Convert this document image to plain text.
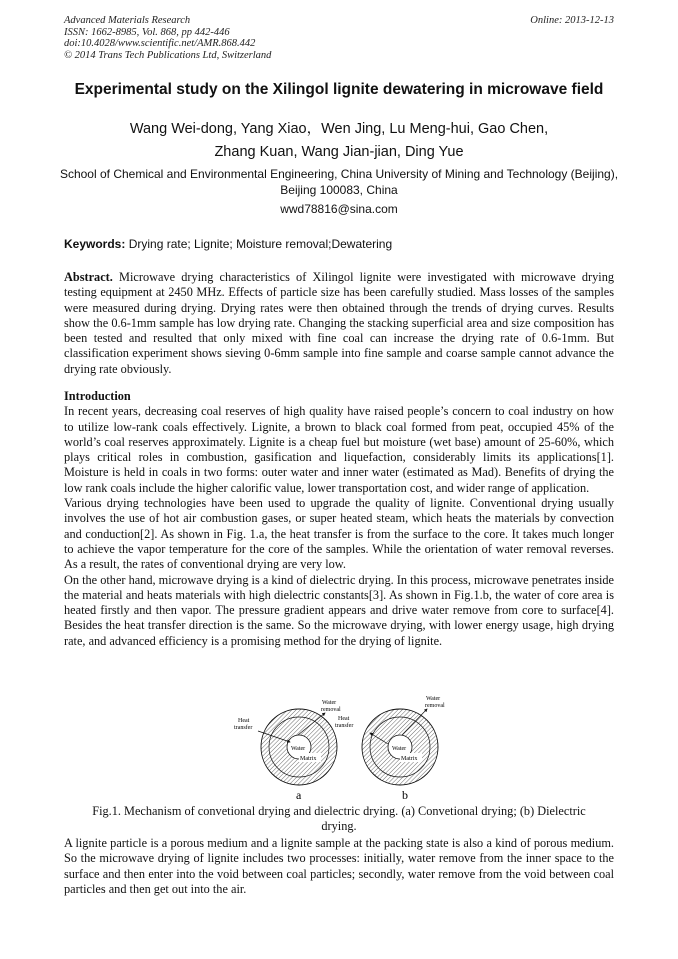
Advanced Materials Research
ISSN: 1662-8985, Vol. 868, pp 442-446
doi:10.4028/www.scientific.net/AMR.868.442
© 2014 Trans Tech Publications Ltd, Switzerland
Online: 2013-12-13
Experimental study on the Xilingol lignite dewatering in microwave field
Wang Wei-dong, Yang Xiao，Wen Jing, Lu Meng-hui, Gao Chen,
Zhang Kuan, Wang Jian-jian, Ding Yue
School of Chemical and Environmental Engineering, China University of Mining and Technology (Beijing), Beijing 100083, China
wwd78816@sina.com
Keywords: Drying rate; Lignite; Moisture removal;Dewatering
Abstract. Microwave drying characteristics of Xilingol lignite were investigated with microwave drying testing equipment at 2450 MHz. Effects of particle size has been carefully studied. Mass losses of the samples were measured during drying. Drying rates were then obtained through the trends of drying curves. Results show the 0.6-1mm sample has low drying rate. Changing the stacking superficial area and size composition has been tested and resulted that only mixed with fine coal can increase the drying rate of 0.6-1mm. But classification experiment shows sieving 0-6mm sample into fine sample and coarse sample cannot advance the drying rate obviously.
Introduction

In recent years, decreasing coal reserves of high quality have raised people’s concern to coal industry on how to utilize low-rank coals effectively. Lignite, a brown to black coal formed from peat, occupied 45% of the world’s coal reserves approximately. Lignite is a cheap fuel but moisture (wet base) amount of 25-60%, which plays critical roles in combustion, gasification and liquefaction, considerably limits its applications[1]. Moisture is held in coals in two forms: outer water and inner water (estimated as Mad). Benefits of drying the low rank coals include the higher calorific value, lower transportation cost, and wider range of application.

Various drying technologies have been used to upgrade the quality of lignite. Conventional drying usually involves the use of hot air combustion gases, or super heated steam, which heats the materials by convection and conduction[2]. As shown in Fig. 1.a, the heat transfer is from the surface to the core. It takes much longer to achieve the vapor temperature for the core of the samples. While the orientation of water removal reverses. As a result, the rates of conventional drying are very low.

On the other hand, microwave drying is a kind of dielectric drying. In this process, microwave penetrates inside the material and heats materials with high dielectric constants[3]. As shown in Fig.1.b, the water of core area is heated firstly and then vapor. The pressure gradient appears and drive water remove from core to surface[4]. Besides the heat transfer direction is the same. So the microwave drying, with lower energy usage, high drying rate, and advanced efficiency is a promising method for the drying of lignite.

Water
Matrix
Water
removal
Heat
transfer
a
Water
Matrix
Water
removal
Heat
transfer
b
Fig.1. Mechanism of convetional drying and dielectric drying. (a) Convetional drying; (b) Dielectric drying.
A lignite particle is a porous medium and a lignite sample at the packing state is also a kind of porous medium. So the microwave drying of lignite includes two processes: initially, water remove from the inner space to the surface and then enter into the void between coal particles; secondly, water remove from the void between coal particles and then get out into the air.
